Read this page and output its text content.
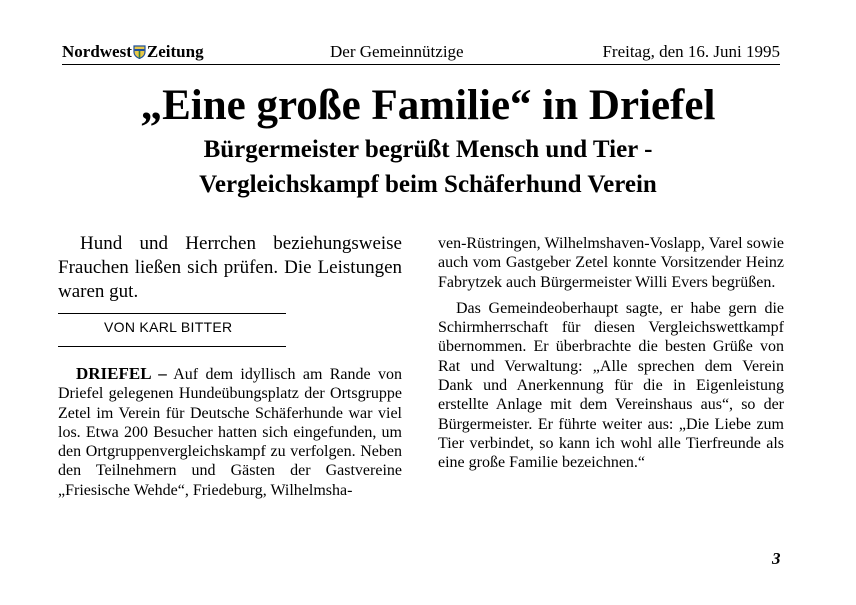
Nordwest Zeitung	Der Gemeinnützige	Freitag, den 16. Juni 1995
„Eine große Familie“ in Driefel
Bürgermeister begrüßt Mensch und Tier -
Vergleichskampf beim Schäferhund Verein
Hund und Herrchen beziehungsweise Frauchen ließen sich prüfen. Die Leistungen waren gut.
VON KARL BITTER

DRIEFEL – Auf dem idyllisch am Rande von Driefel gelegenen Hundeübungsplatz der Ortsgruppe Zetel im Verein für Deutsche Schäferhunde war viel los. Etwa 200 Besucher hatten sich eingefunden, um den Ortgruppenvergleichskampf zu verfolgen. Neben den Teilnehmern und Gästen der Gastvereine „Friesische Wehde“, Friedeburg, Wilhelmsha-

ven-Rüstringen, Wilhelmshaven-Voslapp, Varel sowie auch vom Gastgeber Zetel konnte Vorsitzender Heinz Fabrytzek auch Bürgermeister Willi Evers begrüßen.

Das Gemeindeoberhaupt sagte, er habe gern die Schirmherrschaft für diesen Vergleichswettkampf übernommen. Er überbrachte die besten Grüße von Rat und Verwaltung: „Alle sprechen dem Verein Dank und Anerkennung für die in Eigenleistung erstellte Anlage mit dem Vereinshaus aus“, so der Bürgermeister. Er führte weiter aus: „Die Liebe zum Tier verbindet, so kann ich wohl alle Tierfreunde als eine große Familie bezeichnen.“

3
